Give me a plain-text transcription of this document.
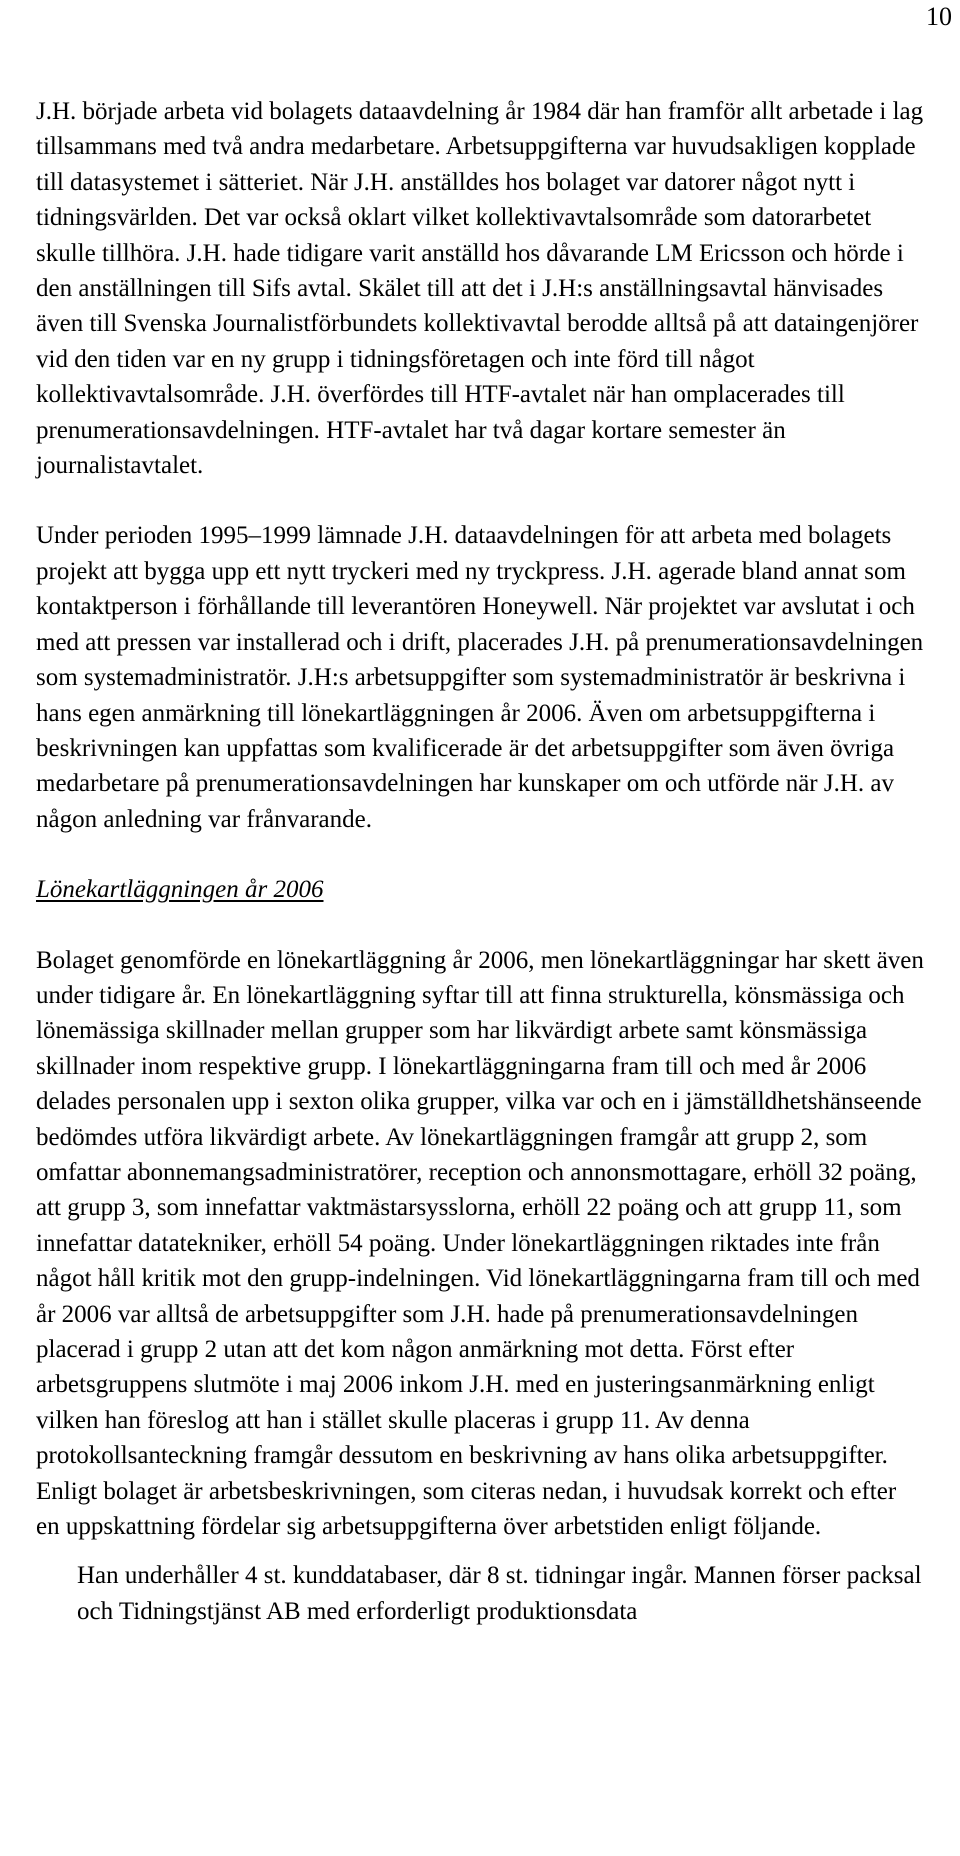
10

J.H. började arbeta vid bolagets dataavdelning år 1984 där han framför allt arbetade i lag tillsammans med två andra medarbetare. Arbetsuppgifterna var huvudsakligen kopplade till datasystemet i sätteriet. När J.H. anställdes hos bolaget var datorer något nytt i tidningsvärlden. Det var också oklart vilket kollektivavtalsområde som datorarbetet skulle tillhöra. J.H. hade tidigare varit anställd hos dåvarande LM Ericsson och hörde i den anställningen till Sifs avtal. Skälet till att det i J.H:s anställningsavtal hänvisades även till Svenska Journalistförbundets kollektivavtal berodde alltså på att dataingenjörer vid den tiden var en ny grupp i tidningsföretagen och inte förd till något kollektivavtalsområde. J.H. överfördes till HTF-avtalet när han omplacerades till prenumerationsavdelningen. HTF-avtalet har två dagar kortare semester än journalistavtalet.

Under perioden 1995–1999 lämnade J.H. dataavdelningen för att arbeta med bolagets projekt att bygga upp ett nytt tryckeri med ny tryckpress. J.H. agerade bland annat som kontaktperson i förhållande till leverantören Honeywell. När projektet var avslutat i och med att pressen var installerad och i drift, placerades J.H. på prenumerationsavdelningen som systemadministratör. J.H:s arbetsuppgifter som systemadministratör är beskrivna i hans egen anmärkning till lönekartläggningen år 2006. Även om arbetsuppgifterna i beskrivningen kan uppfattas som kvalificerade är det arbetsuppgifter som även övriga medarbetare på prenumerationsavdelningen har kunskaper om och utförde när J.H. av någon anledning var frånvarande.

Lönekartläggningen år 2006

Bolaget genomförde en lönekartläggning år 2006, men lönekartläggningar har skett även under tidigare år. En lönekartläggning syftar till att finna strukturella, könsmässiga och lönemässiga skillnader mellan grupper som har likvärdigt arbete samt könsmässiga skillnader inom respektive grupp. I lönekartläggningarna fram till och med år 2006 delades personalen upp i sexton olika grupper, vilka var och en i jämställdhetshänseende bedömdes utföra likvärdigt arbete. Av lönekartläggningen framgår att grupp 2, som omfattar abonnemangsadministratörer, reception och annonsmottagare, erhöll 32 poäng, att grupp 3, som innefattar vaktmästarsysslorna, erhöll 22 poäng och att grupp 11, som innefattar datatekniker, erhöll 54 poäng. Under lönekartläggningen riktades inte från något håll kritik mot den grupp-indelningen. Vid lönekartläggningarna fram till och med år 2006 var alltså de arbetsuppgifter som J.H. hade på prenumerationsavdelningen placerad i grupp 2 utan att det kom någon anmärkning mot detta. Först efter arbetsgruppens slutmöte i maj 2006 inkom J.H. med en justeringsanmärkning enligt vilken han föreslog att han i stället skulle placeras i grupp 11. Av denna protokollsanteckning framgår dessutom en beskrivning av hans olika arbetsuppgifter. Enligt bolaget är arbetsbeskrivningen, som citeras nedan, i huvudsak korrekt och efter en uppskattning fördelar sig arbetsuppgifterna över arbetstiden enligt följande.

Han underhåller 4 st. kunddatabaser, där 8 st. tidningar ingår. Mannen förser packsal och Tidningstjänst AB med erforderligt produktionsdata
